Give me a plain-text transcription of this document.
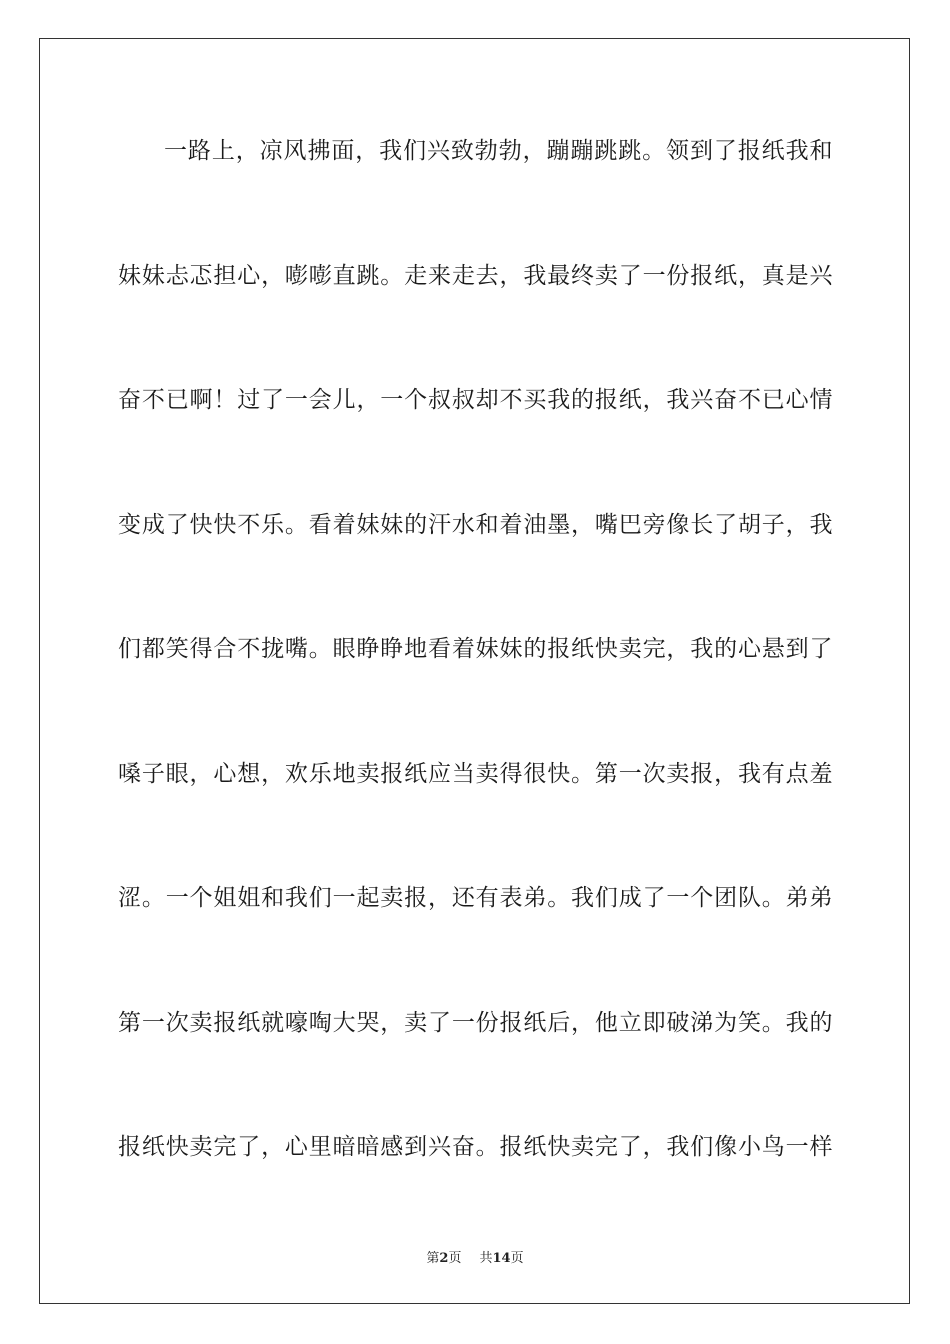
一路上，凉风拂面，我们兴致勃勃，蹦蹦跳跳。领到了报纸我和
妹妹忐忑担心，嘭嘭直跳。走来走去，我最终卖了一份报纸，真是兴
奋不已啊！过了一会儿，一个叔叔却不买我的报纸，我兴奋不已心情
变成了快快不乐。看着妹妹的汗水和着油墨，嘴巴旁像长了胡子，我
们都笑得合不拢嘴。眼睁睁地看着妹妹的报纸快卖完，我的心悬到了
嗓子眼，心想，欢乐地卖报纸应当卖得很快。第一次卖报，我有点羞
涩。一个姐姐和我们一起卖报，还有表弟。我们成了一个团队。弟弟
第一次卖报纸就嚎啕大哭，卖了一份报纸后，他立即破涕为笑。我的
报纸快卖完了，心里暗暗感到兴奋。报纸快卖完了，我们像小鸟一样
第2页 共14页
